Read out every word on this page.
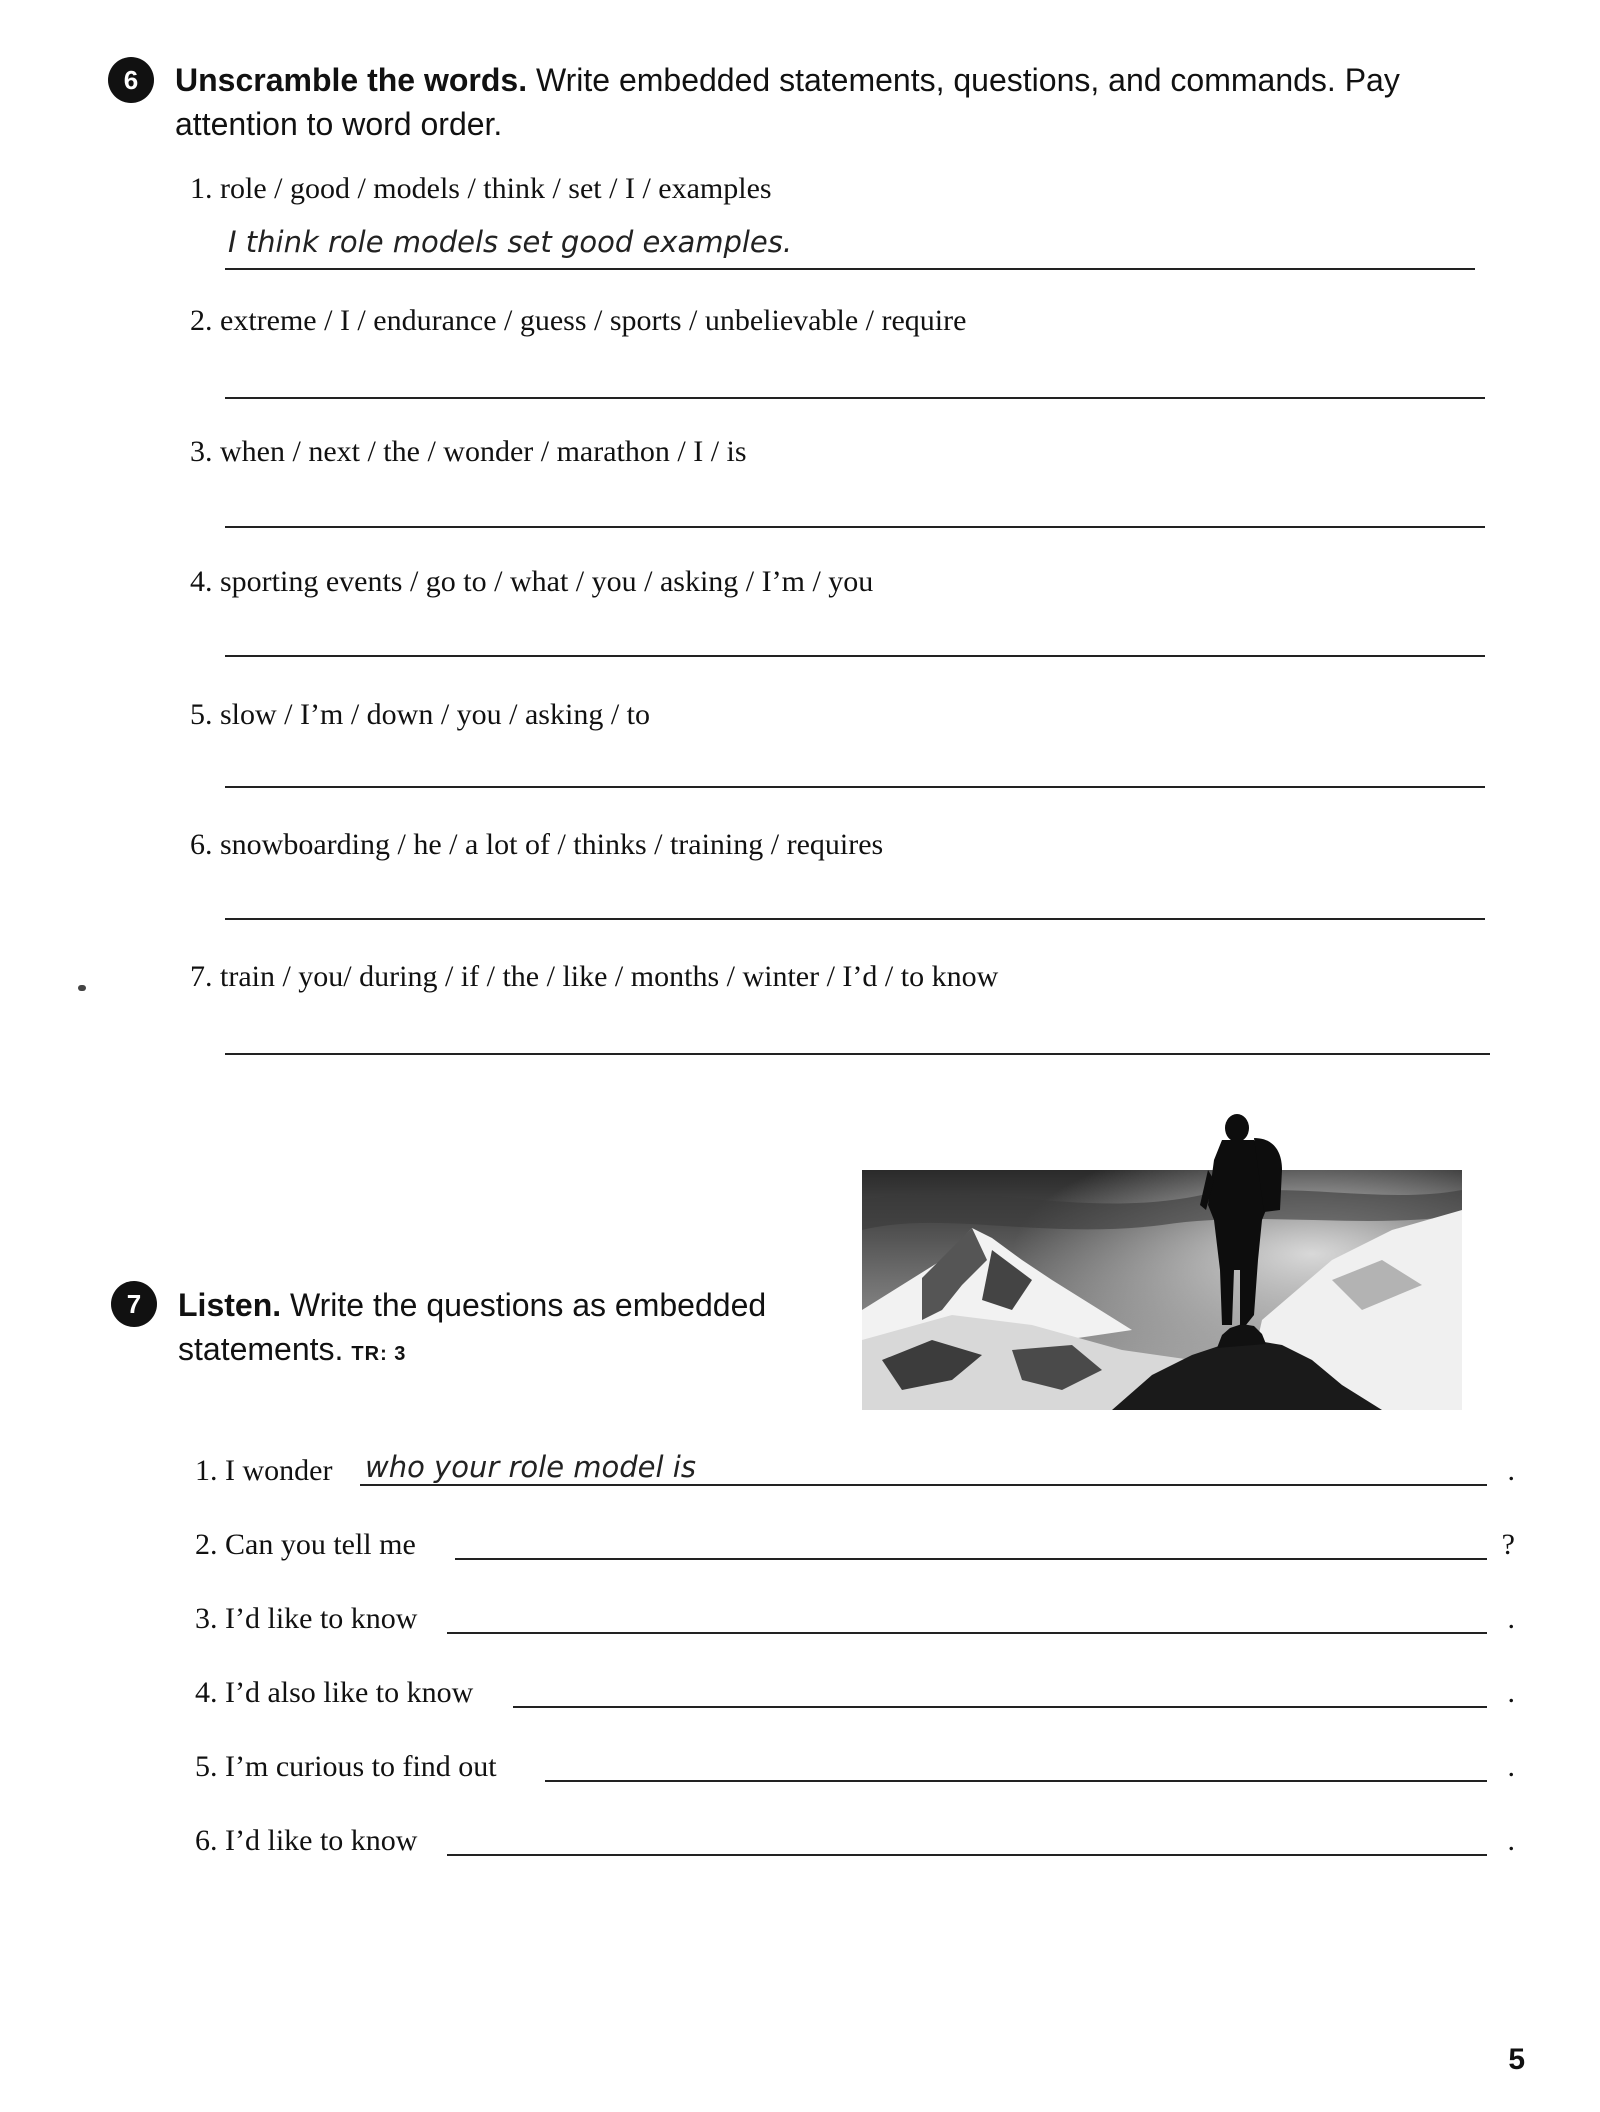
6	Unscramble the words. Write embedded statements, questions, and commands. Pay
attention to word order.
1. role / good / models / think / set / I / examples
I think role models set good examples.
2. extreme / I / endurance / guess / sports / unbelievable / require
3. when / next / the / wonder / marathon / I / is
4. sporting events / go to / what / you / asking / I’m / you
5. slow / I’m / down / you / asking / to
6. snowboarding / he / a lot of / thinks / training / requires
7. train / you/ during / if / the / like / months / winter / I’d / to know
7	Listen. Write the questions as embedded
statements. TR: 3
1. I wonder who your role model is	.
2. Can you tell me	?
3. I’d like to know	.
4. I’d also like to know	.
5. I’m curious to find out	.
6. I’d like to know	.
5
